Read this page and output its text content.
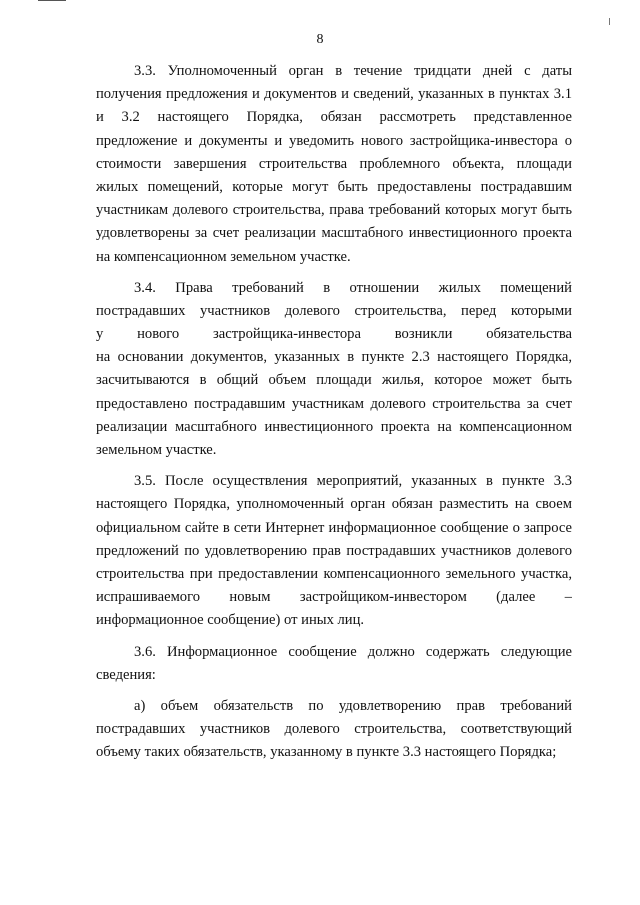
8
3.3. Уполномоченный орган в течение тридцати дней с даты
получения предложения и документов и сведений, указанных в пунктах 3.1
и 3.2 настоящего Порядка, обязан рассмотреть представленное
предложение и документы и уведомить нового застройщика-инвестора о
стоимости завершения строительства проблемного объекта, площади
жилых помещений, которые могут быть предоставлены пострадавшим
участникам долевого строительства, права требований которых могут быть
удовлетворены за счет реализации масштабного инвестиционного проекта
на компенсационном земельном участке.
3.4. Права требований в отношении жилых помещений
пострадавших участников долевого строительства, перед которыми
у нового застройщика-инвестора возникли обязательства
на основании документов, указанных в пункте 2.3 настоящего Порядка,
засчитываются в общий объем площади жилья, которое может быть
предоставлено пострадавшим участникам долевого строительства за счет
реализации масштабного инвестиционного проекта на компенсационном
земельном участке.
3.5. После осуществления мероприятий, указанных в пункте 3.3
настоящего Порядка, уполномоченный орган обязан разместить на своем
официальном сайте в сети Интернет информационное сообщение о запросе
предложений по удовлетворению прав пострадавших участников долевого
строительства при предоставлении компенсационного земельного участка,
испрашиваемого новым застройщиком-инвестором (далее –
информационное сообщение) от иных лиц.
3.6. Информационное сообщение должно содержать следующие
сведения:
а) объем обязательств по удовлетворению прав требований
пострадавших участников долевого строительства, соответствующий
объему таких обязательств, указанному в пункте 3.3 настоящего Порядка;
